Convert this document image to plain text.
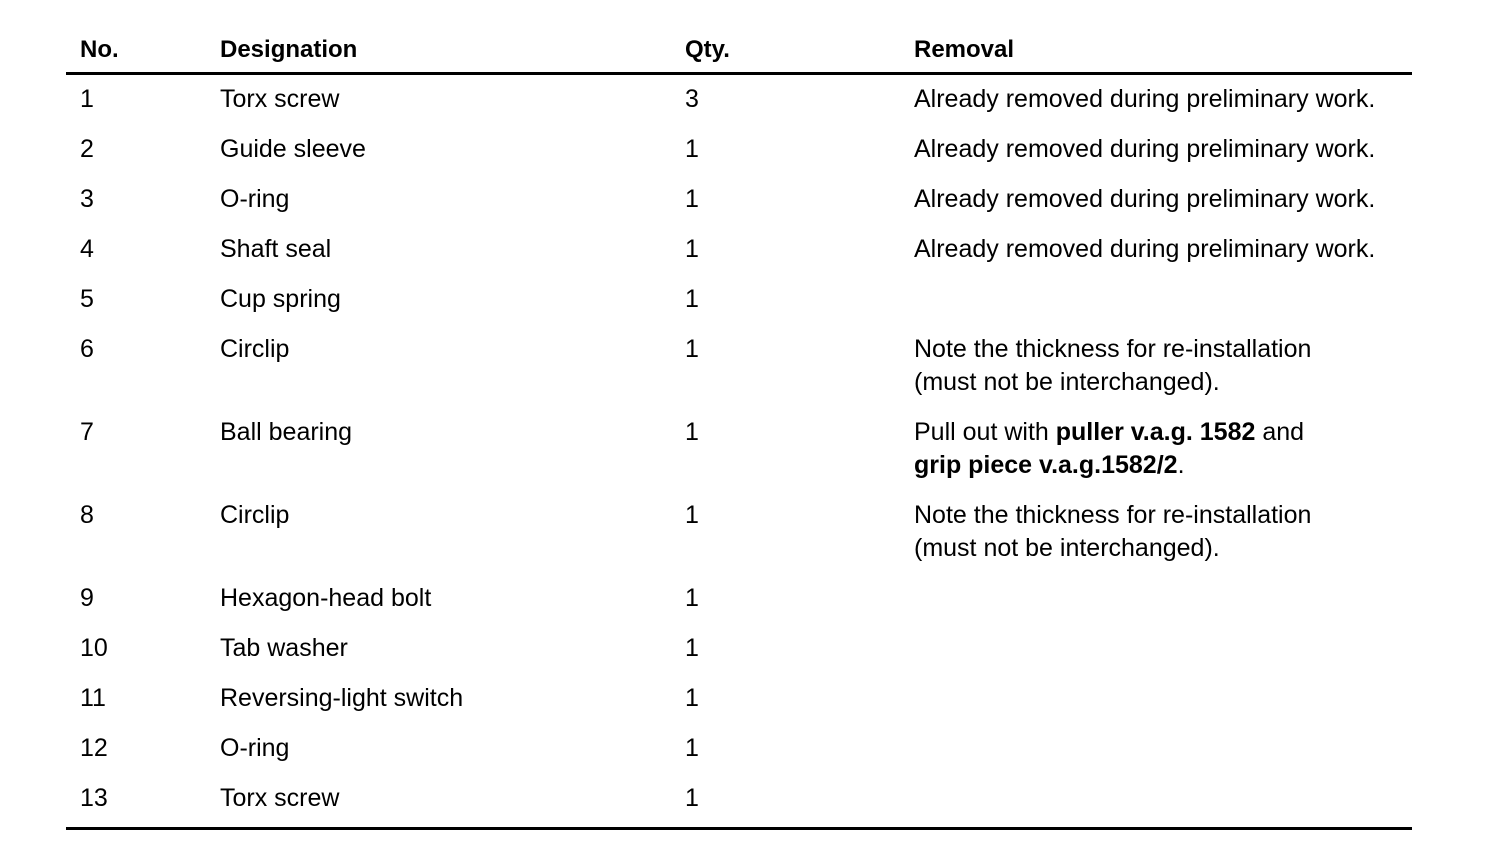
No.	Designation	Qty.	Removal
1	Torx screw	3	Already removed during preliminary work.
2	Guide sleeve	1	Already removed during preliminary work.
3	O-ring	1	Already removed during preliminary work.
4	Shaft seal	1	Already removed during preliminary work.
5	Cup spring	1
6	Circlip	1	Note the thickness for re-installation
(must not be interchanged).
7	Ball bearing	1	Pull out with puller v.a.g. 1582 and
grip piece v.a.g.1582/2.
8	Circlip	1	Note the thickness for re-installation
(must not be interchanged).
9	Hexagon-head bolt	1
10	Tab washer	1
11	Reversing-light switch	1
12	O-ring	1
13	Torx screw	1
